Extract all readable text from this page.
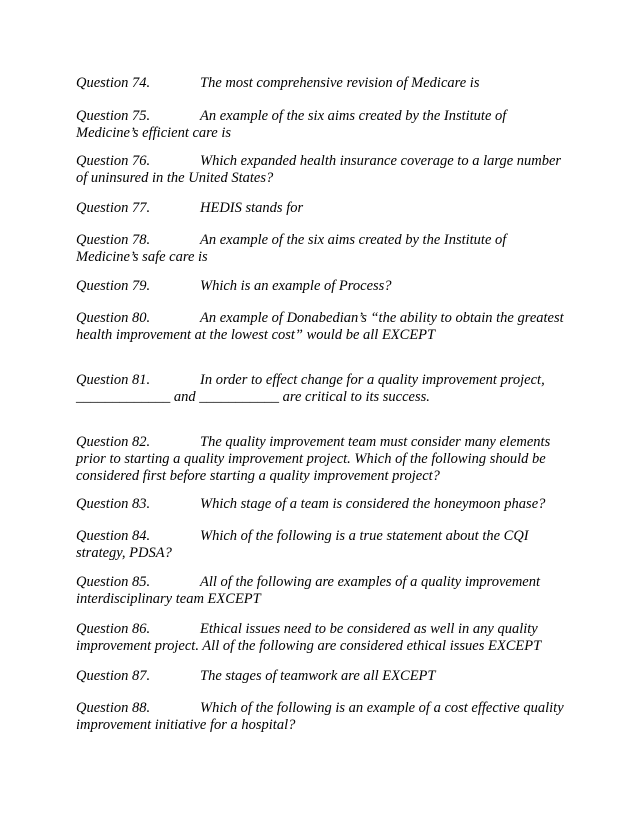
Question 74.	The most comprehensive revision of Medicare is
Question 75.	An example of the six aims created by the Institute of Medicine’s efficient care is
Question 76.	Which expanded health insurance coverage to a large number of uninsured in the United States?
Question 77.	HEDIS stands for
Question 78.	An example of the six aims created by the Institute of Medicine’s safe care is
Question 79.	Which is an example of Process?
Question 80.	An example of Donabedian’s “the ability to obtain the greatest health improvement at the lowest cost” would be all EXCEPT
Question 81.	In order to effect change for a quality improvement project, _____________ and ___________ are critical to its success.
Question 82.	The quality improvement team must consider many elements prior to starting a quality improvement project. Which of the following should be considered first before starting a quality improvement project?
Question 83.	Which stage of a team is considered the honeymoon phase?
Question 84.	Which of the following is a true statement about the CQI strategy, PDSA?
Question 85.	All of the following are examples of a quality improvement interdisciplinary team EXCEPT
Question 86.	Ethical issues need to be considered as well in any quality improvement project. All of the following are considered ethical issues EXCEPT
Question 87.	The stages of teamwork are all EXCEPT
Question 88.	Which of the following is an example of a cost effective quality improvement initiative for a hospital?
